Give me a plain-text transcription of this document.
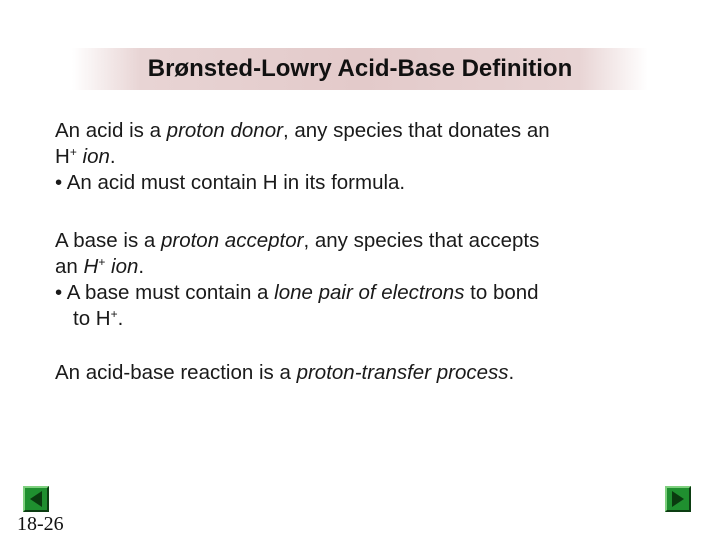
Brønsted-Lowry Acid-Base Definition

An acid is a proton donor, any species that donates an
H+ ion.
• An acid must contain H in its formula.

A base is a proton acceptor, any species that accepts
an H+ ion.
• A base must contain a lone pair of electrons to bond
to H+.

An acid-base reaction is a proton-transfer process.

18-26
